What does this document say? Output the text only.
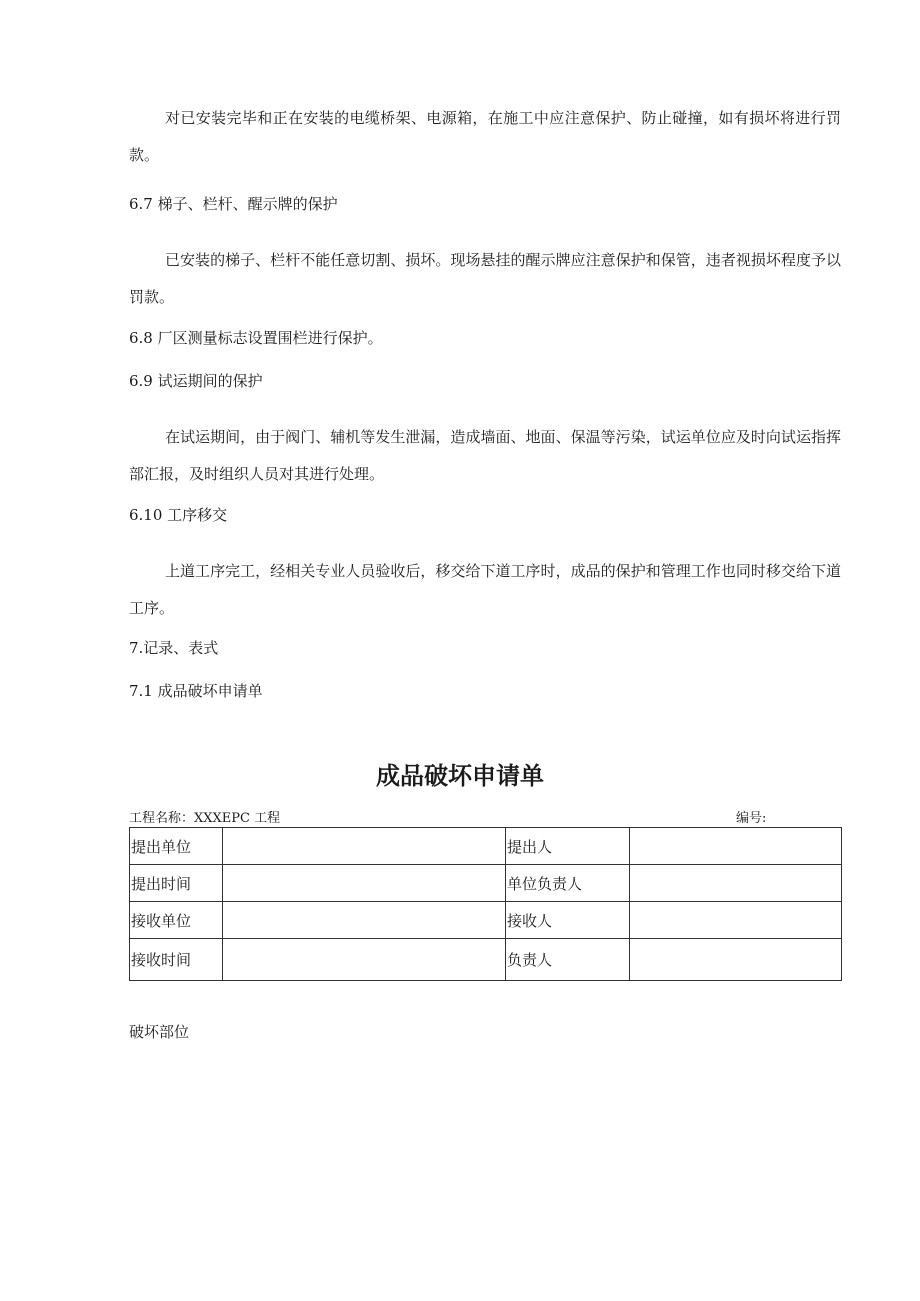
对已安装完毕和正在安装的电缆桥架、电源箱，在施工中应注意保护、防止碰撞，如有损坏将进行罚款。

6.7 梯子、栏杆、醒示牌的保护

已安装的梯子、栏杆不能任意切割、损坏。现场悬挂的醒示牌应注意保护和保管，违者视损坏程度予以罚款。

6.8 厂区测量标志设置围栏进行保护。

6.9 试运期间的保护

在试运期间，由于阀门、辅机等发生泄漏，造成墙面、地面、保温等污染，试运单位应及时向试运指挥部汇报，及时组织人员对其进行处理。

6.10 工序移交

上道工序完工，经相关专业人员验收后，移交给下道工序时，成品的保护和管理工作也同时移交给下道工序。

7.记录、表式

7.1 成品破坏申请单

成品破坏申请单
工程名称：XXXEPC 工程	编号:
提出单位		提出人	
提出时间		单位负责人	
接收单位		接收人	
接收时间		负责人	

破坏部位
